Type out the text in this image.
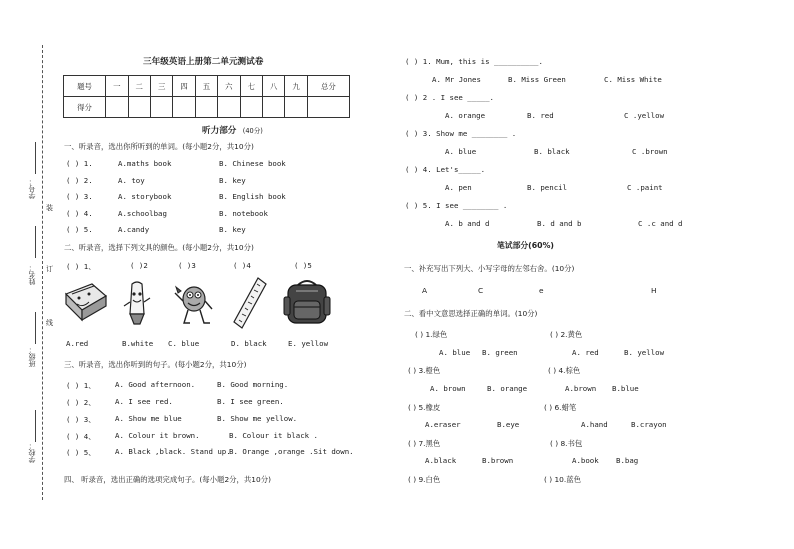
学校：
班级：
姓名：
学号：
装
订
线
三年级英语上册第二单元测试卷
题号	一	二	三	四	五	六	七	八	九	总分
得分										
听力部分 (40分)
一、听录音，选出你所听到的单词。(每小题2分，共10分)
( ) 1.	A.maths book	B. Chinese book
( ) 2.	A. toy	B. key
( ) 3.	A. storybook	B. English book
( ) 4.	A.schoolbag	B. notebook
( ) 5.	A.candy	B. key
二、听录音，选择下列文具的颜色。(每小题2分，共10分)
( ) 1、	( )2	( )3	( )4	( )5
A.red	B.white C. blue	D. black	E. yellow
三、听录音，选出你听到的句子。(每小题2分，共10分)
( ) 1、	A. Good afternoon.	B. Good morning.
( ) 2、	A. I see red.	B. I see green.
( ) 3、	A. Show me blue	B. Show me yellow.
( ) 4、	A. Colour it brown.	B. Colour it black .
( ) 5、	A. Black ,black. Stand up.
B. Orange ,orange .Sit down.
四、 听录音，选出正确的选项完成句子。(每小题2分，共10分)
( ) 1. Mum, this is __________.
A. Mr Jones	B. Miss Green	C. Miss White
( ) 2 . I see _____.
A. orange	B. red	C .yellow
( ) 3. Show me ________ .
A. blue	B. black	C .brown
( ) 4. Let's_____.
A. pen	B. pencil	C .paint
( ) 5. I see ________ .
A. b and d	B. d and b	C .c and d
笔试部分(60%)
一、补充写出下列大、小写字母的左邻右舍。(10分)
A	C	e	H
二、看中文意思选择正确的单词。(10分)
( ) 1.绿色
A. blue B. green
( ) 2.黄色
A. red	B. yellow
( ) 3.橙色
A. brown	B. orange
( ) 4.棕色
A.brown B.blue
( ) 5.橡皮
A.eraser	B.eye
( ) 6.蜡笔
A.hand	B.crayon
( ) 7.黑色
A.black	B.brown
( ) 8.书包
A.book B.bag
( ) 9.白色	( ) 10.蓝色
